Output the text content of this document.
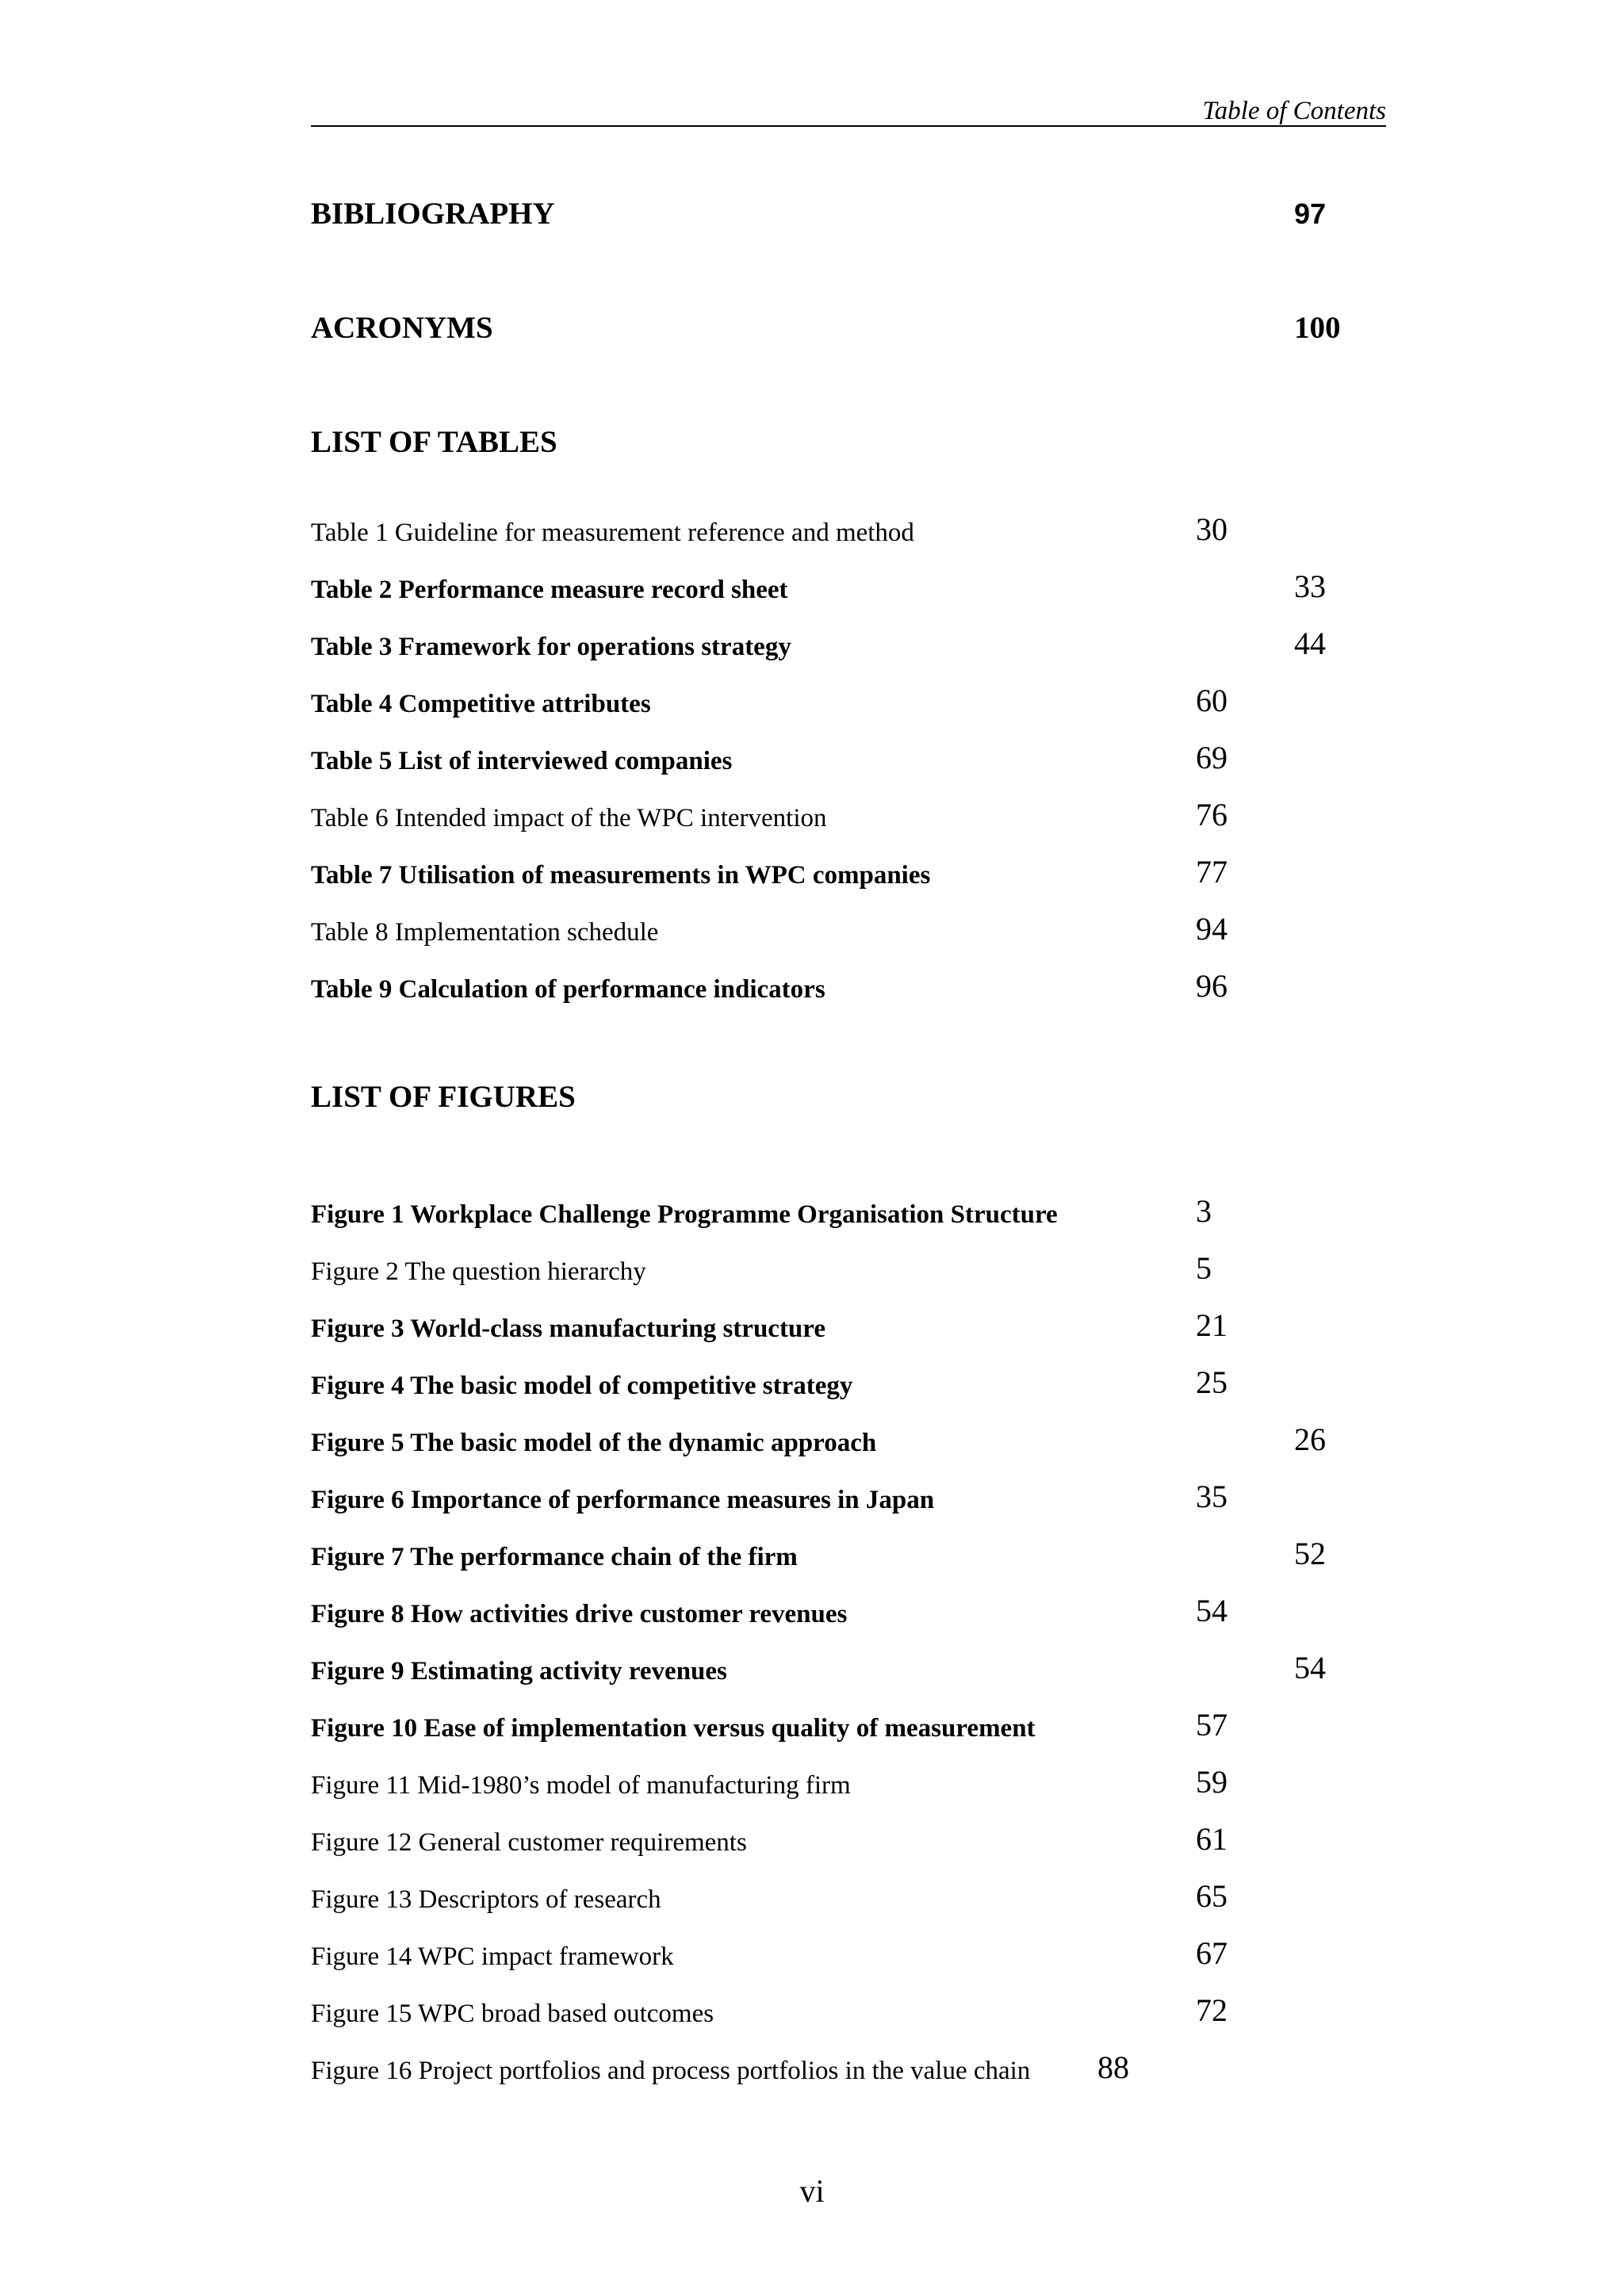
Table of Contents
BIBLIOGRAPHY	97
ACRONYMS	100
LIST OF TABLES
Table 1 Guideline for measurement reference and method	30
Table 2 Performance measure record sheet	33
Table 3 Framework for operations strategy	44
Table 4 Competitive attributes	60
Table 5 List of interviewed companies	69
Table 6 Intended impact of the WPC intervention	76
Table 7 Utilisation of measurements in WPC companies	77
Table 8 Implementation schedule	94
Table 9 Calculation of performance indicators	96
LIST OF FIGURES
Figure 1 Workplace Challenge Programme Organisation Structure	3
Figure 2 The question hierarchy	5
Figure 3 World-class manufacturing structure	21
Figure 4 The basic model of competitive strategy	25
Figure 5 The basic model of the dynamic approach	26
Figure 6 Importance of performance measures in Japan	35
Figure 7 The performance chain of the firm	52
Figure 8 How activities drive customer revenues	54
Figure 9 Estimating activity revenues	54
Figure 10 Ease of implementation versus quality of measurement	57
Figure 11 Mid-1980’s model of manufacturing firm	59
Figure 12 General customer requirements	61
Figure 13 Descriptors of research	65
Figure 14 WPC impact framework	67
Figure 15 WPC broad based outcomes	72
Figure 16 Project portfolios and process portfolios in the value chain 88
vi
